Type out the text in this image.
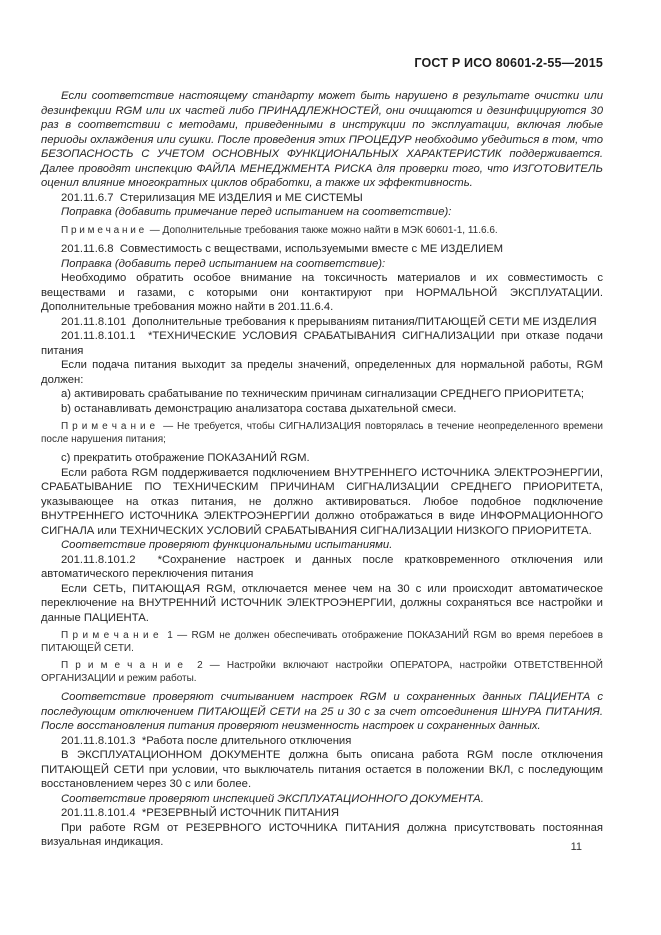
ГОСТ Р ИСО 80601-2-55—2015

Если соответствие настоящему стандарту может быть нарушено в результате очистки или дезинфекции RGM или их частей либо ПРИНАДЛЕЖНОСТЕЙ, они очищаются и дезинфицируются 30 раз в соответствии с методами, приведенными в инструкции по эксплуатации, включая любые периоды охлаждения или сушки. После проведения этих ПРОЦЕДУР необходимо убедиться в том, что БЕЗОПАСНОСТЬ С УЧЕТОМ ОСНОВНЫХ ФУНКЦИОНАЛЬНЫХ ХАРАКТЕРИСТИК поддерживается. Далее проводят инспекцию ФАЙЛА МЕНЕДЖМЕНТА РИСКА для проверки того, что ИЗГОТОВИТЕЛЬ оценил влияние многократных циклов обработки, а также их эффективность.

201.11.6.7  Стерилизация МЕ ИЗДЕЛИЯ и МЕ СИСТЕМЫ

Поправка (добавить примечание перед испытанием на соответствие):

П р и м е ч а н и е  — Дополнительные требования также можно найти в МЭК 60601-1, 11.6.6.

201.11.6.8  Совместимость с веществами, используемыми вместе с МЕ ИЗДЕЛИЕМ

Поправка (добавить перед испытанием на соответствие):

Необходимо обратить особое внимание на токсичность материалов и их совместимость с веществами и газами, с которыми они контактируют при НОРМАЛЬНОЙ ЭКСПЛУАТАЦИИ. Дополнительные требования можно найти в 201.11.6.4.

201.11.8.101  Дополнительные требования к прерываниям питания/ПИТАЮЩЕЙ СЕТИ МЕ ИЗДЕЛИЯ

201.11.8.101.1  *ТЕХНИЧЕСКИЕ УСЛОВИЯ СРАБАТЫВАНИЯ СИГНАЛИЗАЦИИ при отказе подачи питания

Если подача питания выходит за пределы значений, определенных для нормальной работы, RGM должен:

a) активировать срабатывание по техническим причинам сигнализации СРЕДНЕГО ПРИОРИТЕТА;

b) останавливать демонстрацию анализатора состава дыхательной смеси.

П р и м е ч а н и е  — Не требуется, чтобы СИГНАЛИЗАЦИЯ повторялась в течение неопределенного времени после нарушения питания;

c) прекратить отображение ПОКАЗАНИЙ RGM.

Если работа RGM поддерживается подключением ВНУТРЕННЕГО ИСТОЧНИКА ЭЛЕКТРОЭНЕРГИИ, СРАБАТЫВАНИЕ ПО ТЕХНИЧЕСКИМ ПРИЧИНАМ СИГНАЛИЗАЦИИ СРЕДНЕГО ПРИОРИТЕТА, указывающее на отказ питания, не должно активироваться. Любое подобное подключение ВНУТРЕННЕГО ИСТОЧНИКА ЭЛЕКТРОЭНЕРГИИ должно отображаться в виде ИНФОРМАЦИОННОГО СИГНАЛА или ТЕХНИЧЕСКИХ УСЛОВИЙ СРАБАТЫВАНИЯ СИГНАЛИЗАЦИИ НИЗКОГО ПРИОРИТЕТА.

Соответствие проверяют функциональными испытаниями.

201.11.8.101.2  *Сохранение настроек и данных после кратковременного отключения или автоматического переключения питания

Если СЕТЬ, ПИТАЮЩАЯ RGM, отключается менее чем на 30 с или происходит автоматическое переключение на ВНУТРЕННИЙ ИСТОЧНИК ЭЛЕКТРОЭНЕРГИИ, должны сохраняться все настройки и данные ПАЦИЕНТА.

П р и м е ч а н и е  1 — RGM не должен обеспечивать отображение ПОКАЗАНИЙ RGM во время перебоев в ПИТАЮЩЕЙ СЕТИ.

П р и м е ч а н и е  2 — Настройки включают настройки ОПЕРАТОРА, настройки ОТВЕТСТВЕННОЙ ОРГАНИЗАЦИИ и режим работы.

Соответствие проверяют считыванием настроек RGM и сохраненных данных ПАЦИЕНТА с последующим отключением ПИТАЮЩЕЙ СЕТИ на 25 и 30 с за счет отсоединения ШНУРА ПИТАНИЯ. После восстановления питания проверяют неизменность настроек и сохраненных данных.

201.11.8.101.3  *Работа после длительного отключения

В ЭКСПЛУАТАЦИОННОМ ДОКУМЕНТЕ должна быть описана работа RGM после отключения ПИТАЮЩЕЙ СЕТИ при условии, что выключатель питания остается в положении ВКЛ, с последующим восстановлением через 30 с или более.

Соответствие проверяют инспекцией ЭКСПЛУАТАЦИОННОГО ДОКУМЕНТА.

201.11.8.101.4  *РЕЗЕРВНЫЙ ИСТОЧНИК ПИТАНИЯ

При работе RGM от РЕЗЕРВНОГО ИСТОЧНИКА ПИТАНИЯ должна присутствовать постоянная визуальная индикация.	11
